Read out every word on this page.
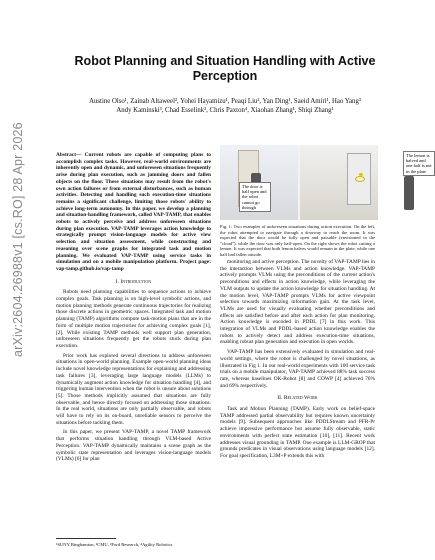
arXiv:2604.26988v1 [cs.RO] 28 Apr 2026
Robot Planning and Situation Handling with Active Perception
Austine Olso¹, Zainab Altaweel², Yohei Hayamizu¹, Peaqi Liu², Yan Ding¹, Saeid Amiri¹, Hao Yang³
Andy Kaminski³, Chad Esselink³, Chris Paxton⁴, Xiaohan Zhang¹, Shiqi Zhang¹
Abstract— Current robots are capable of computing plans to accomplish complex tasks. However, real-world environments are inherently open and dynamic, and unforeseen situations frequently arise during plan execution, such as jamming doors and fallen objects on the floor. These situations may result from the robot's own action failures or from external disturbances, such as human activities. Detecting and handling such execution-time situations remains a significant challenge, limiting those robots' ability to achieve long-term autonomy. In this paper, we develop a planning and situation-handling framework, called VAP-TAMP, that enables robots to actively perceive and address unforeseen situations during plan execution. VAP-TAMP leverages action knowledge to strategically prompt vision-language models for active view selection and situation assessment, while constructing and reasoning over scene graphs for integrated task and motion planning. We evaluated VAP-TAMP using service tasks in simulation and on a mobile manipulation platform. Project page: vap-tamp.github.io/vap-tamp
I. Introduction

Robots need planning capabilities to sequence actions to achieve complex goals. Task planning is on high-level symbolic actions, and motion planning methods generate continuous trajectories for realizing those discrete actions in geometric spaces. Integrated task and motion planning (TAMP) algorithms compute task-motion plans that are in the form of multiple motion trajectories for achieving complex goals [1], [2]. While existing TAMP methods well support plan generation, unforeseen situations frequently get the robots stuck during plan execution.

Prior work has explored several directions to address unforeseen situations in open-world planning. Example open-world planning ideas include novel knowledge representations for explaining and addressing task failures [3], leveraging large language models (LLMs) to dynamically augment action knowledge for situation handling [4], and triggering human intervention when the robot is unsure about solutions [5]. Those methods implicitly assumed that situations are fully observable, and hence directly focused on addressing those situations. In the real world, situations are only partially observable, and robots will have to rely on its on-board, unreliable sensors to perceive the situations before tackling them.

In this paper, we present VAP-TAMP, a novel TAMP framework that performs situation handling through VLM-based Active Perception. VAP-TAMP dynamically maintains a scene graph as the symbolic state representation and leverages vision-language models (VLMs) [6] for plan

The door is half open and the robot cannot go through
The lemon is halved and one half is not in the plate
Fig. 1: Two examples of unforeseen situations during action execution. On the left, the robot attempted to navigate through a doorway to reach the room. It was expected that the door would be fully open and passable (envisioned in the "cloud"), while the door was only half-open. On the right shows the robot cutting a lemon. It was expected that both lemon halves would remain in the plate, while one half had fallen outside.

monitoring and active perception. The novelty of VAP-TAMP lies in the interaction between VLMs and action knowledge. VAP-TAMP actively prompts VLMs using the preconditions of the current action's preconditions and effects in action knowledge, while leveraging the VLM outputs to update the action knowledge for situation handling. At the motion level, VAP-TAMP prompts VLMs for active viewpoint selection towards maximizing information gain. At the task level, VLMs are used for visually evaluating whether preconditions and effects are satisfied before and after each action for plan monitoring. Action knowledge is encoded in PDDL [7] in this work. This integration of VLMs and PDDL-based action knowledge enables the robots to actively detect and address execution-time situations, enabling robust plan generation and execution in open worlds.

VAP-TAMP has been extensively evaluated in simulation and real-world settings, where the robot is challenged by novel situations, as illustrated in Fig 1. In our real-world experiments with 100 service task trials on a mobile manipulator, VAP-TAMP achieved 88% task success rate, whereas baselines OK-Robot [8] and COWP [4] achieved 76% and 69% respectively.

II. Related Work

Task and Motion Planning (TAMP). Early work on belief-space TAMP addressed partial observability but requires known uncertainty models [9]. Subsequent approaches like PDDLStream and PFR-Pr achieve impressive performance but assume fully observable, static environments with perfect state estimation [10], [11]. Recent work addresses visual grounding in TAMP. One example is LLM-GROP that grounds predicates in visual observations using language models [12]. For goal specification, L3M+P extends this with

¹SUNY Binghamton, ²CMU, ³Ford Research, ⁴Agility Robotics
